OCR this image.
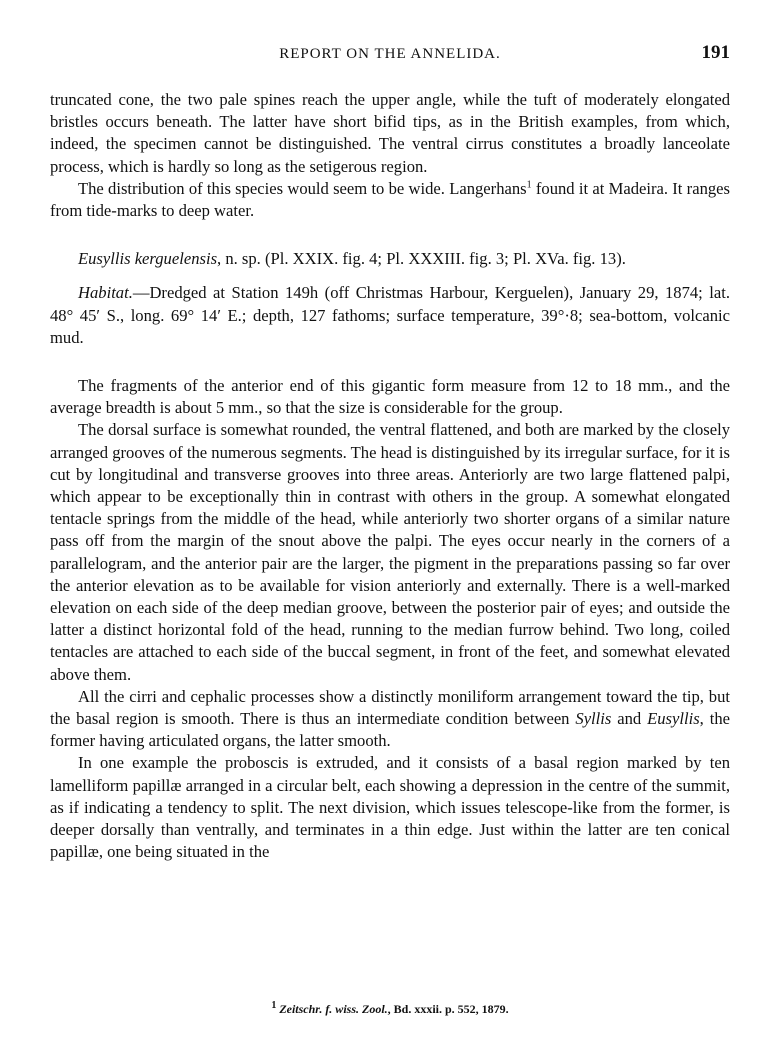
REPORT ON THE ANNELIDA.	191

truncated cone, the two pale spines reach the upper angle, while the tuft of moderately elongated bristles occurs beneath. The latter have short bifid tips, as in the British examples, from which, indeed, the specimen cannot be distinguished. The ventral cirrus constitutes a broadly lanceolate process, which is hardly so long as the setigerous region.

The distribution of this species would seem to be wide. Langerhans$^1$ found it at Madeira. It ranges from tide-marks to deep water.

Eusyllis kerguelensis, n. sp. (Pl. XXIX. fig. 4; Pl. XXXIII. fig. 3; Pl. XVa. fig. 13).

Habitat.—Dredged at Station 149h (off Christmas Harbour, Kerguelen), January 29, 1874; lat. 48° 45′ S., long. 69° 14′ E.; depth, 127 fathoms; surface temperature, 39°·8; sea-bottom, volcanic mud.

The fragments of the anterior end of this gigantic form measure from 12 to 18 mm., and the average breadth is about 5 mm., so that the size is considerable for the group.

The dorsal surface is somewhat rounded, the ventral flattened, and both are marked by the closely arranged grooves of the numerous segments. The head is distinguished by its irregular surface, for it is cut by longitudinal and transverse grooves into three areas. Anteriorly are two large flattened palpi, which appear to be exceptionally thin in contrast with others in the group. A somewhat elongated tentacle springs from the middle of the head, while anteriorly two shorter organs of a similar nature pass off from the margin of the snout above the palpi. The eyes occur nearly in the corners of a parallelogram, and the anterior pair are the larger, the pigment in the preparations passing so far over the anterior elevation as to be available for vision anteriorly and externally. There is a well-marked elevation on each side of the deep median groove, between the posterior pair of eyes; and outside the latter a distinct horizontal fold of the head, running to the median furrow behind. Two long, coiled tentacles are attached to each side of the buccal segment, in front of the feet, and somewhat elevated above them.

All the cirri and cephalic processes show a distinctly moniliform arrangement toward the tip, but the basal region is smooth. There is thus an intermediate condition between Syllis and Eusyllis, the former having articulated organs, the latter smooth.

In one example the proboscis is extruded, and it consists of a basal region marked by ten lamelliform papillæ arranged in a circular belt, each showing a depression in the centre of the summit, as if indicating a tendency to split. The next division, which issues telescope-like from the former, is deeper dorsally than ventrally, and terminates in a thin edge. Just within the latter are ten conical papillæ, one being situated in the

$^1$ Zeitschr. f. wiss. Zool., Bd. xxxii. p. 552, 1879.
